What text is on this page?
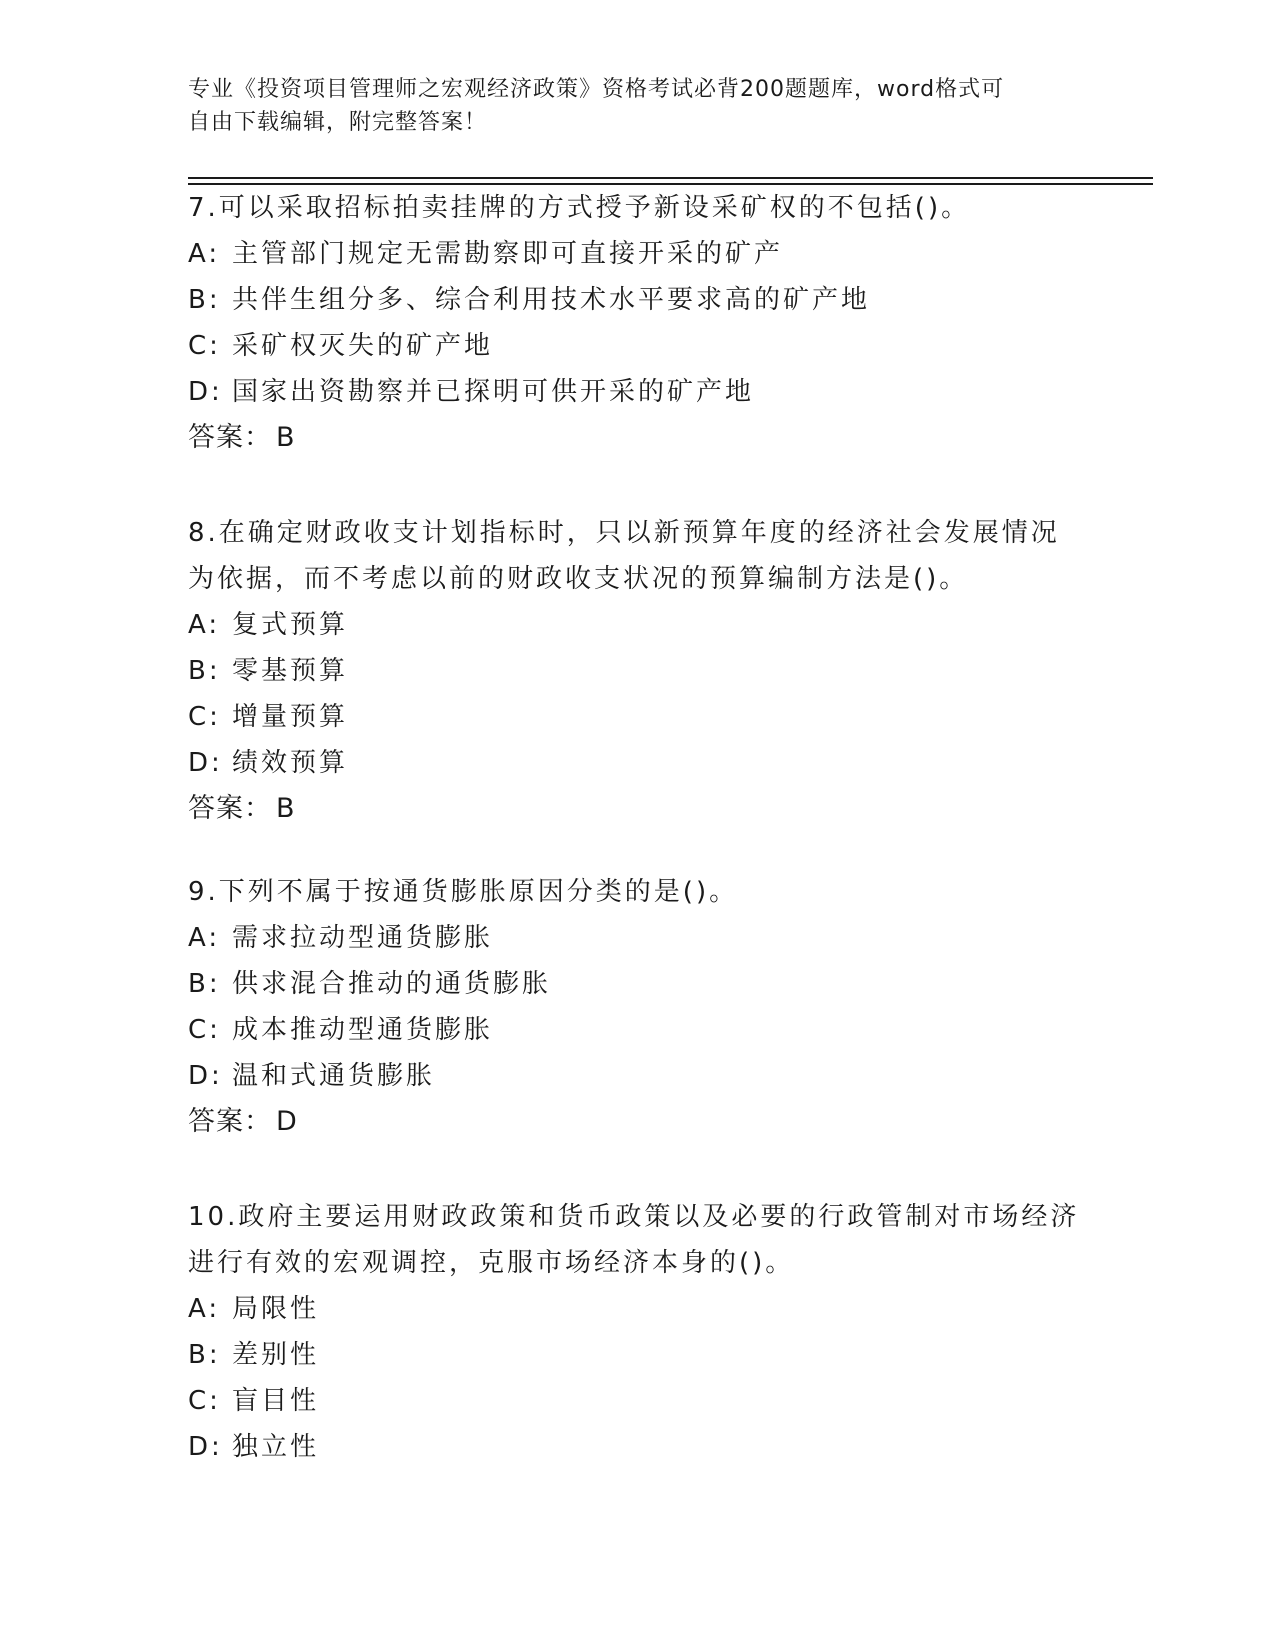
专业《投资项目管理师之宏观经济政策》资格考试必背200题题库，word格式可
自由下载编辑，附完整答案！
7.可以采取招标拍卖挂牌的方式授予新设采矿权的不包括()。
A: 主管部门规定无需勘察即可直接开采的矿产
B: 共伴生组分多、综合利用技术水平要求高的矿产地
C: 采矿权灭失的矿产地
D: 国家出资勘察并已探明可供开采的矿产地
答案： B
8.在确定财政收支计划指标时，只以新预算年度的经济社会发展情况
为依据，而不考虑以前的财政收支状况的预算编制方法是()。
A: 复式预算
B: 零基预算
C: 增量预算
D: 绩效预算
答案： B
9.下列不属于按通货膨胀原因分类的是()。
A: 需求拉动型通货膨胀
B: 供求混合推动的通货膨胀
C: 成本推动型通货膨胀
D: 温和式通货膨胀
答案： D
10.政府主要运用财政政策和货币政策以及必要的行政管制对市场经济
进行有效的宏观调控，克服市场经济本身的()。
A: 局限性
B: 差别性
C: 盲目性
D: 独立性
